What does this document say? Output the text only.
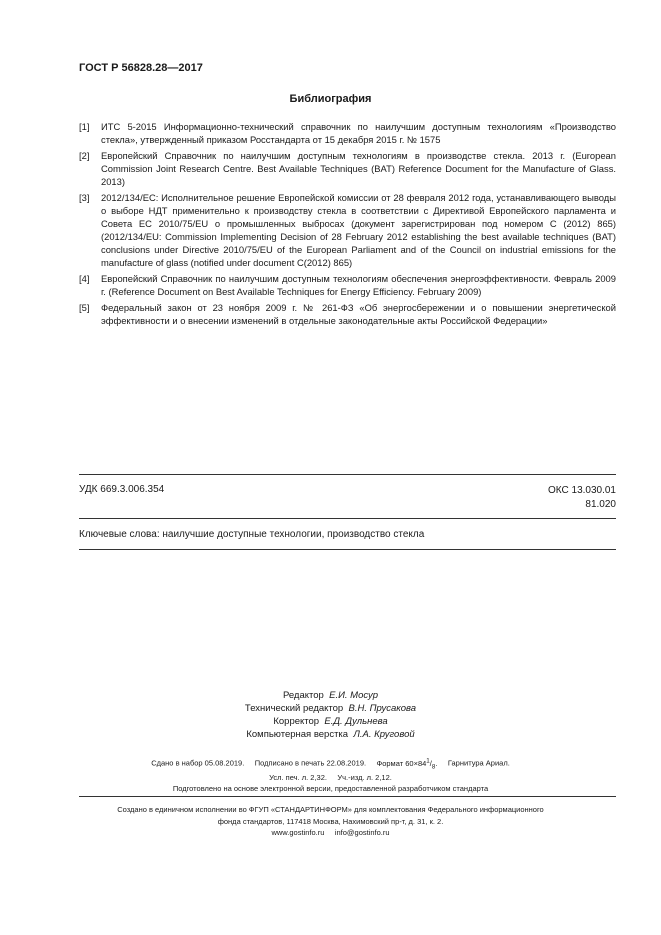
ГОСТ Р 56828.28—2017
Библиография
[1]	ИТС 5-2015 Информационно-технический справочник по наилучшим доступным технологиям «Производство стекла», утвержденный приказом Росстандарта от 15 декабря 2015 г. № 1575
[2]	Европейский Справочник по наилучшим доступным технологиям в производстве стекла. 2013 г. (European Commission Joint Research Centre. Best Available Techniques (BAT) Reference Document for the Manufacture of Glass. 2013)
[3]	2012/134/ЕС: Исполнительное решение Европейской комиссии от 28 февраля 2012 года, устанавливающего выводы о выборе НДТ применительно к производству стекла в соответствии с Директивой Европейского парламента и Совета ЕС 2010/75/EU о промышленных выбросах (документ зарегистрирован под номером С (2012) 865) (2012/134/EU: Commission Implementing Decision of 28 February 2012 establishing the best available techniques (BAT) conclusions under Directive 2010/75/EU of the European Parliament and of the Council on industrial emissions for the manufacture of glass (notified under document C(2012) 865)
[4]	Европейский Справочник по наилучшим доступным технологиям обеспечения энергоэффективности. Февраль 2009 г. (Reference Document on Best Available Techniques for Energy Efficiency. February 2009)
[5]	Федеральный закон от 23 ноября 2009 г. № 261-ФЗ «Об энергосбережении и о повышении энергетической эффективности и о внесении изменений в отдельные законодательные акты Российской Федерации»
УДК 669.3.006.354	ОКС 13.030.01
81.020
Ключевые слова: наилучшие доступные технологии, производство стекла
Редактор Е.И. Мосур
Технический редактор В.Н. Прусакова
Корректор Е.Д. Дульнева
Компьютерная верстка Л.А. Круговой
Сдано в набор 05.08.2019. Подписано в печать 22.08.2019. Формат $60\times 84^1/_8$. Гарнитура Ариал.
Усл. печ. л. 2,32. Уч.-изд. л. 2,12.
Подготовлено на основе электронной версии, предоставленной разработчиком стандарта
Создано в единичном исполнении во ФГУП «СТАНДАРТИНФОРМ» для комплектования Федерального информационного
фонда стандартов, 117418 Москва, Нахимовский пр-т, д. 31, к. 2.
www.gostinfo.ru info@gostinfo.ru
